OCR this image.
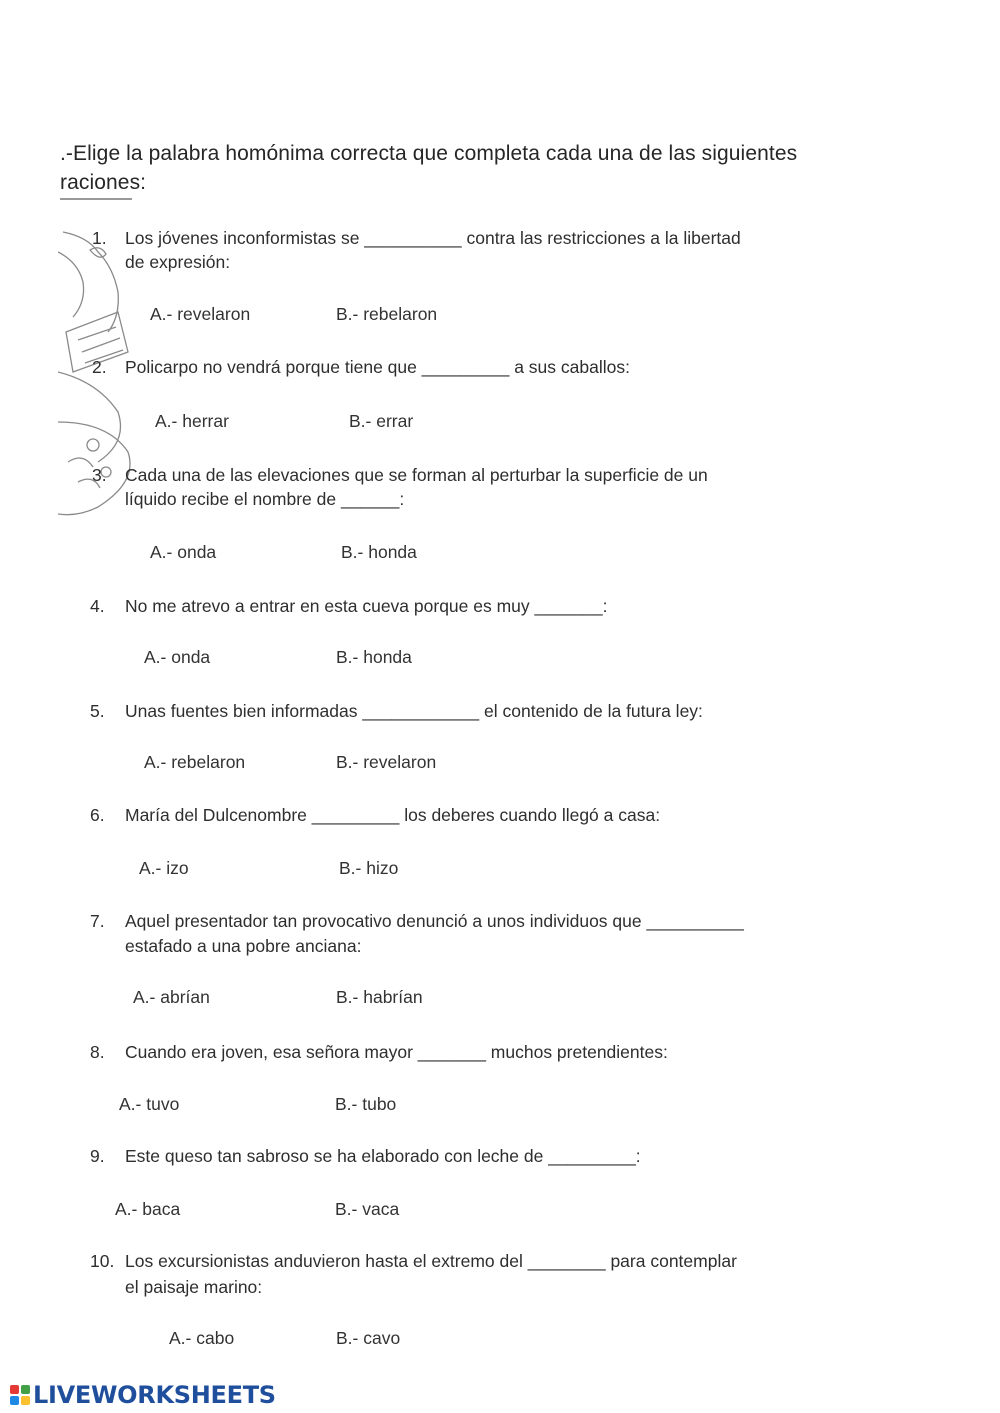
.-Elige la palabra homónima correcta que completa cada una de las siguientes
raciones:
1. Los jóvenes inconformistas se __________ contra las restricciones a la libertad
de expresión:
A.- revelaron	B.- rebelaron
2. Policarpo no vendrá porque tiene que _________ a sus caballos:
A.- herrar	B.- errar
3. Cada una de las elevaciones que se forman al perturbar la superficie de un
líquido recibe el nombre de ______:
A.- onda	B.- honda
4. No me atrevo a entrar en esta cueva porque es muy _______:
A.- onda	B.- honda
5. Unas fuentes bien informadas ____________ el contenido de la futura ley:
A.- rebelaron	B.- revelaron
6. María del Dulcenombre _________ los deberes cuando llegó a casa:
A.- izo	B.- hizo
7. Aquel presentador tan provocativo denunció a unos individuos que __________
estafado a una pobre anciana:
A.- abrían	B.- habrían
8. Cuando era joven, esa señora mayor _______ muchos pretendientes:
A.- tuvo	B.- tubo
9. Este queso tan sabroso se ha elaborado con leche de _________:
A.- baca	B.- vaca
10. Los excursionistas anduvieron hasta el extremo del ________ para contemplar
el paisaje marino:
A.- cabo	B.- cavo
LIVEWORKSHEETS
